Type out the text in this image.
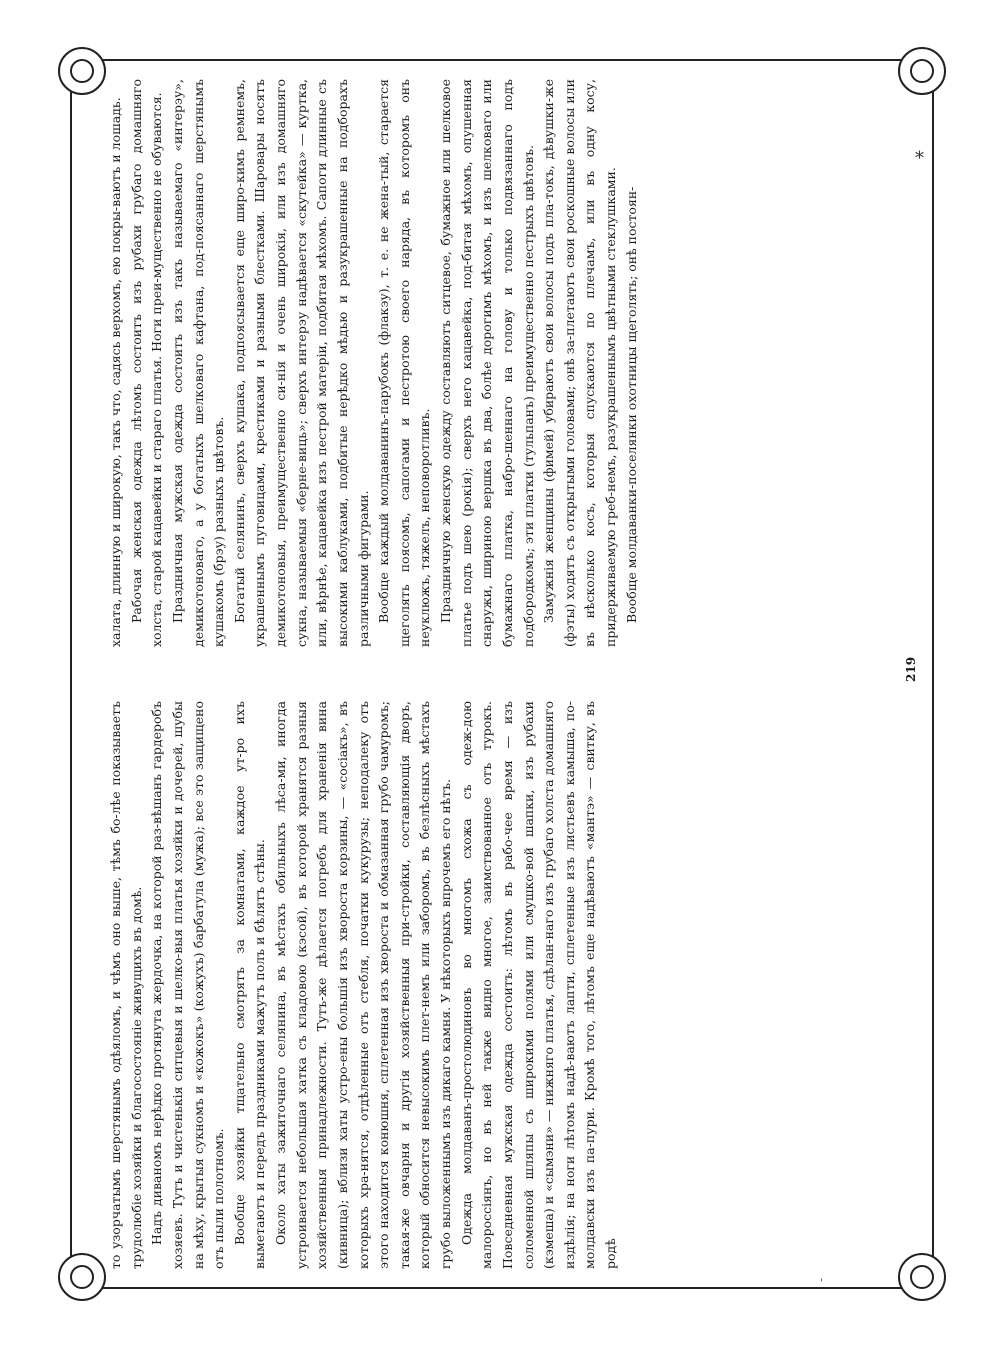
то узорчатымъ шерстянымъ одѣяломъ, и чѣмъ оно выше, тѣмъ бо-лѣе показываетъ трудолюбіе хозяйки и благосостояніе живущихъ въ домѣ. Надъ диваномъ нерѣдко протянута жердочка, на которой раз-вѣшанъ гардеробъ хозяевъ. Тутъ и чистенькія ситцевыя и шелко-выя платья хозяйки и дочерей, шубы на мѣху, крытыя сукномъ и «кожокъ» (кожухъ) барбатула (мужа); все это защищено отъ пыли полотномъ. Вообще хозяйки тщательно смотрятъ за комнатами, каждое ут-ро ихъ выметаютъ и передъ праздниками мажутъ полъ и бѣлятъ стѣны. Около хаты зажиточнаго селянина, въ мѣстахъ обильныхъ лѣса-ми, иногда устроивается небольшая хатка съ кладовою (кэсой), въ которой хранятся разныя хозяйственныя принадлежности. Тутъ-же дѣлается погребъ для храненія вина (кивница); вблизи хаты устро-ены большія изъ хвороста корзины, — «сосіакъ», въ которыхъ хра-нятся, отдѣленные отъ стебля, початки кукурузы; неподалеку отъ этого находится конюшня, сплетенная изъ хвороста и обмазанная грубо чамуромъ; такая-же овчарня и другія хозяйственныя при-стройки, составляющія дворъ, который обносится невысокимъ плет-немъ или заборомъ, въ безлѣсныхъ мѣстахъ грубо выложеннымъ изъ дикаго камня. У нѣкоторыхъ впрочемъ его нѣтъ. Одежда молдаванъ-простолюдиновъ во многомъ схожа съ одеж-дою малороссіянъ, но въ ней также видно многое, заимствованное отъ турокъ. Повседневная мужская одежда состоитъ: лѣтомъ въ рабо-чее время — изъ соломенной шляпы съ широкими полями или смушко-вой шапки, изъ рубахи (кэмеша) и «сымэни» — нижняго платья, сдѣлан-наго изъ грубаго холста домашняго издѣлія; на ноги лѣтомъ надѣ-ваютъ лапти, сплетенные изъ листьевъ камыша, по-молдавски изъ па-пури. Кромѣ того, лѣтомъ еще надѣваютъ «мантэ» — свитку, въ родѣ

халата, длинную и широкую, такъ что, садясь верхомъ, ею покры-ваютъ и лошадь. Рабочая женская одежда лѣтомъ состоитъ изъ рубахи грубаго домашняго холста, старой кацавейки и стараго платья. Ноги преи-мущественно не обуваются. Праздничная мужская одежда состоитъ изъ такъ называемаго «интерэу», демикотоноваго, а у богатыхъ шелковаго кафтана, под-поясаннаго шерстянымъ кушакомъ (брэу) разныхъ цвѣтовъ. Богатый селянинъ, сверхъ кушака, подпоясывается еще широ-кимъ ремнемъ, украшеннымъ пуговицами, крестиками и разными блестками. Шаровары носятъ демикотоновыя, преимущественно си-нія и очень широкія, или изъ домашняго сукна, называемыя «берне-виць»; сверхъ интерэу надѣвается «скутейка» — куртка, или, вѣрнѣе, кацавейка изъ пестрой матеріи, подбитая мѣхомъ. Сапоги длинные съ высокими каблуками, подбитые нерѣдко мѣдью и разукрашенные на подборахъ различными фигурами. Вообще каждый молдаванинъ-парубокъ (флакэу), т. е. не жена-тый, старается щеголять поясомъ, сапогами и пестротою своего наряда, въ которомъ онъ неуклюжъ, тяжелъ, неповоротливъ. Праздничную женскую одежду составляютъ ситцевое, бумажное или шелковое платье подъ шею (рокія); сверхъ него кацавейка, под-битая мѣхомъ, опушенная снаружи, шириною вершка въ два, болѣе дорогимъ мѣхомъ, и изъ шелковаго или бумажнаго платка, набро-шеннаго на голову и только подвязаннаго подъ подбородкомъ; эти платки (тульпанъ) преимущественно пестрыхъ цвѣтовъ. Замужнія женщины (фимей) убираютъ свои волосы подъ пла-токъ, дѣвушки-же (фэты) ходятъ съ открытыми головами; онѣ за-плетаютъ свои роскошные волосы или въ нѣсколько косъ, которыя спускаются по плечамъ, или въ одну косу, придерживаемую греб-немъ, разукрашеннымъ цвѣтными стеклушками. Вообще молдаванки-поселянки охотницы щеголять; онѣ постоян-

219
*
'
